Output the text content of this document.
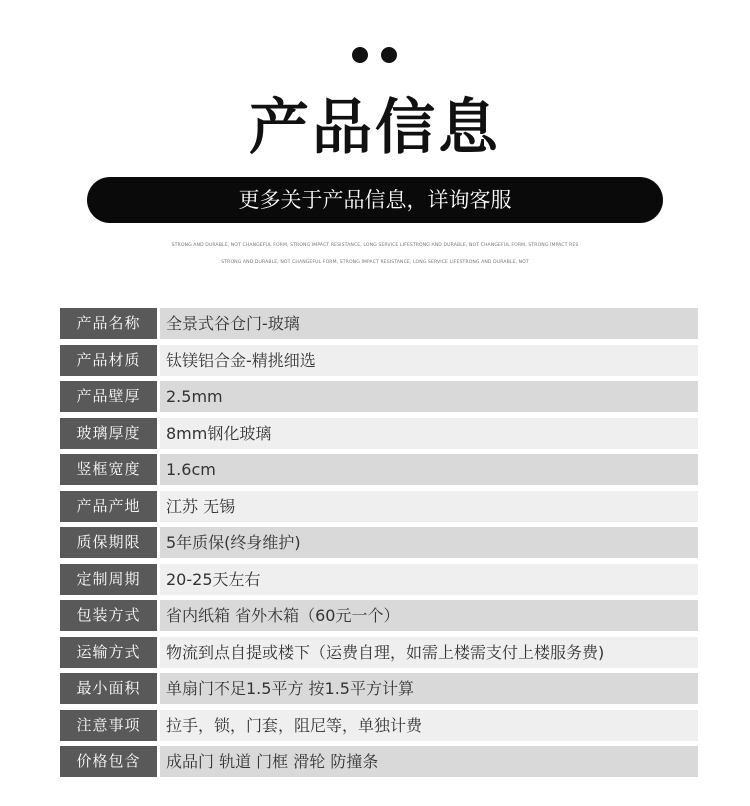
产品信息
更多关于产品信息，详询客服
STRONG AND DURABLE, NOT CHANGEFUL FORM, STRONG IMPACT RESISTANCE, LONG SERVICE LIFESTRONG AND DURABLE, NOT CHANGEFUL FORM, STRONG IMPACT RES
STRONG AND DURABLE, NOT CHANGEFUL FORM, STRONG IMPACT RESISTANCE, LONG SERVICE LIFESTRONG AND DURABLE, NOT
产品名称	全景式谷仓门-玻璃
产品材质	钛镁铝合金-精挑细选
产品壁厚	2.5mm
玻璃厚度	8mm钢化玻璃
竖框宽度	1.6cm
产品产地	江苏 无锡
质保期限	5年质保(终身维护)
定制周期	20-25天左右
包装方式	省内纸箱 省外木箱（60元一个）
运输方式	物流到点自提或楼下（运费自理，如需上楼需支付上楼服务费)
最小面积	单扇门不足1.5平方 按1.5平方计算
注意事项	拉手，锁，门套，阻尼等，单独计费
价格包含	成品门 轨道 门框 滑轮 防撞条
